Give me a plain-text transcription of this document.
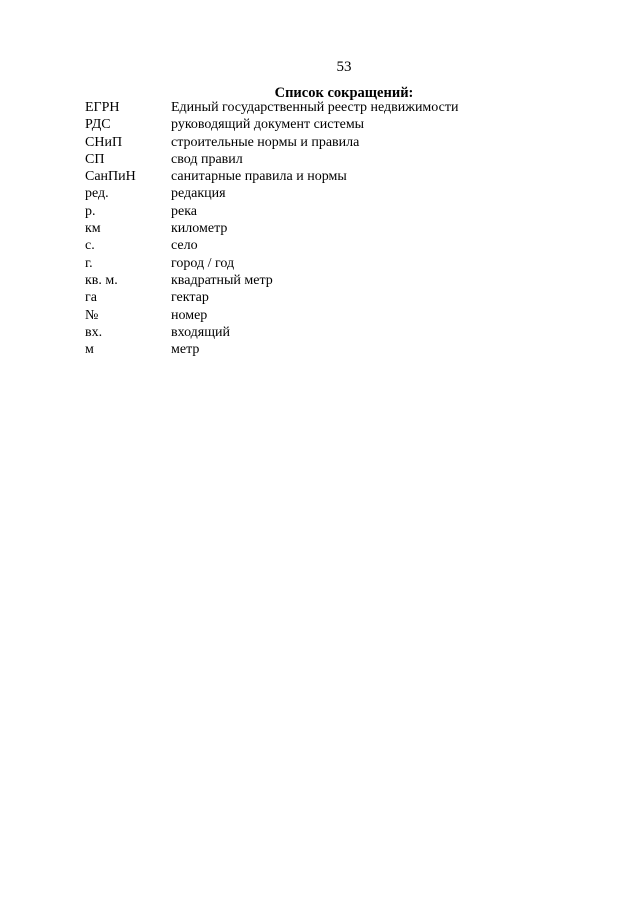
53
Список сокращений:
ЕГРН	Единый государственный реестр недвижимости
РДС	руководящий документ системы
СНиП	строительные нормы и правила
СП	свод правил
СанПиН	санитарные правила и нормы
ред.	редакция
р.	река
км	километр
с.	село
г.	город / год
кв. м.	квадратный метр
га	гектар
№	номер
вх.	входящий
м	метр
